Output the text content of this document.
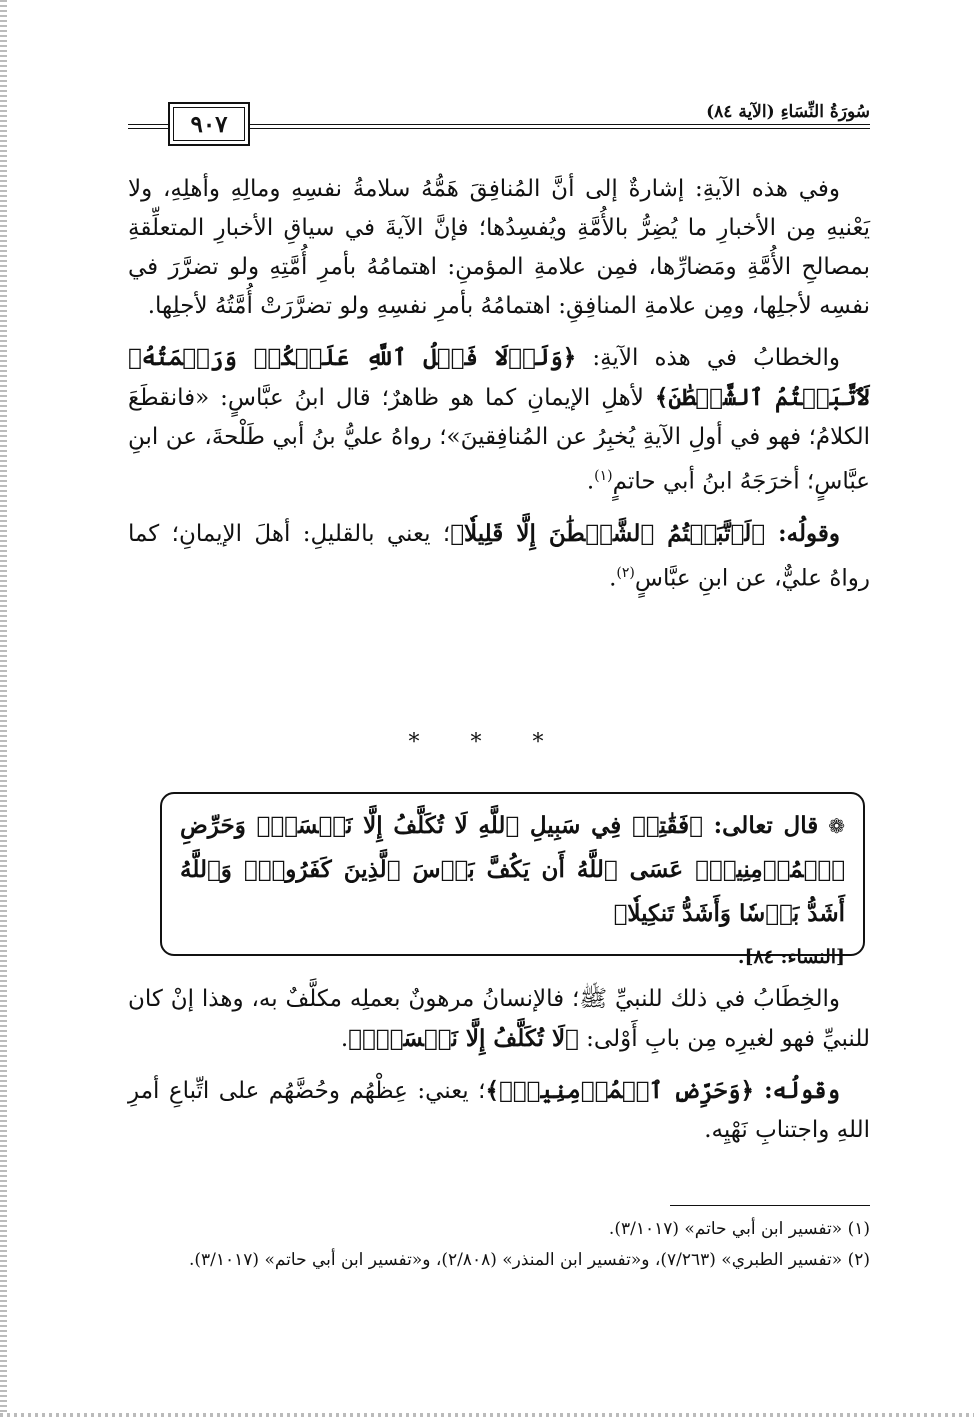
٩٠٧	سُورَةُ النِّسَاءِ (الآية ٨٤)

وفي هذه الآيةِ: إشارةٌ إلى أنَّ المُنافِقَ هَمُّهُ سلامةُ نفسِهِ ومالِهِ وأهلِهِ، ولا يَعْنيهِ مِن الأخبارِ ما يُضِرُّ بالأُمَّةِ ويُفسِدُها؛ فإنَّ الآيةَ في سياقِ الأخبارِ المتعلِّقةِ بمصالحِ الأُمَّةِ ومَضارِّها، فمِن علامةِ المؤمنِ: اهتمامُهُ بأمرِ أُمَّتِهِ ولو تضرَّرَ في نفسِه لأجلِها، ومِن علامةِ المنافِقِ: اهتمامُهُ بأمرِ نفسِهِ ولو تضرَّرَتْ أُمَّتُهُ لأجلِها.

والخطابُ في هذه الآيةِ: ﴿وَلَوۡلَا فَضۡلُ ٱللَّهِ عَلَيۡكُمۡ وَرَحۡمَتُهُۥ لَٱتَّبَعۡتُمُ ٱلشَّيۡطَٰنَ﴾ لأهلِ الإيمانِ كما هو ظاهرٌ؛ قال ابنُ عبَّاسٍ: «فانقطَعَ الكلامُ؛ فهو في أولِ الآيةِ يُخبِرُ عن المُنافِقينَ»؛ رواهُ عليُّ بنُ أبي طَلْحةَ، عن ابنِ عبَّاسٍ؛ أخرَجَهُ ابنُ أبي حاتمٍ$^{(١)}$.

وقولُه: ﴿لَٱتَّبَعۡتُمُ ٱلشَّيۡطَٰنَ إِلَّا قَلِيلٗا﴾؛ يعني بالقليلِ: أهلَ الإيمانِ؛ كما رواهُ عليٌّ، عن ابنِ عبَّاسٍ$^{(٢)}$.

* * *
❁ قال تعالى: ﴿فَقَٰتِلۡ فِي سَبِيلِ ٱللَّهِ لَا تُكَلَّفُ إِلَّا نَفۡسَكَۚ وَحَرِّضِ ٱلۡمُؤۡمِنِينَۖ عَسَى ٱللَّهُ أَن يَكُفَّ بَأۡسَ ٱلَّذِينَ كَفَرُواْۚ وَٱللَّهُ أَشَدُّ بَأۡسٗا وَأَشَدُّ تَنكِيلٗا﴾
[النساء: ٨٤].

والخِطَابُ في ذلك للنبيِّ ﷺ؛ فالإنسانُ مرهونٌ بعملِه مكلَّفٌ به، وهذا إنْ كان للنبيِّ فهو لغيرِه مِن بابِ أَوْلى: ﴿لَا تُكَلَّفُ إِلَّا نَفۡسَكَۚ﴾.

وقولُه: ﴿وَحَرِّضِ ٱلۡمُؤۡمِنِينَۖ﴾؛ يعني: عِظْهُم وحُضَّهُم على اتِّباعِ أمرِ اللهِ واجتنابِ نَهْيِه.

(١) «تفسير ابن أبي حاتم» (٣/١٠١٧).
(٢) «تفسير الطبري» (٧/٢٦٣)، و«تفسير ابن المنذر» (٢/٨٠٨)، و«تفسير ابن أبي حاتم» (٣/١٠١٧).
